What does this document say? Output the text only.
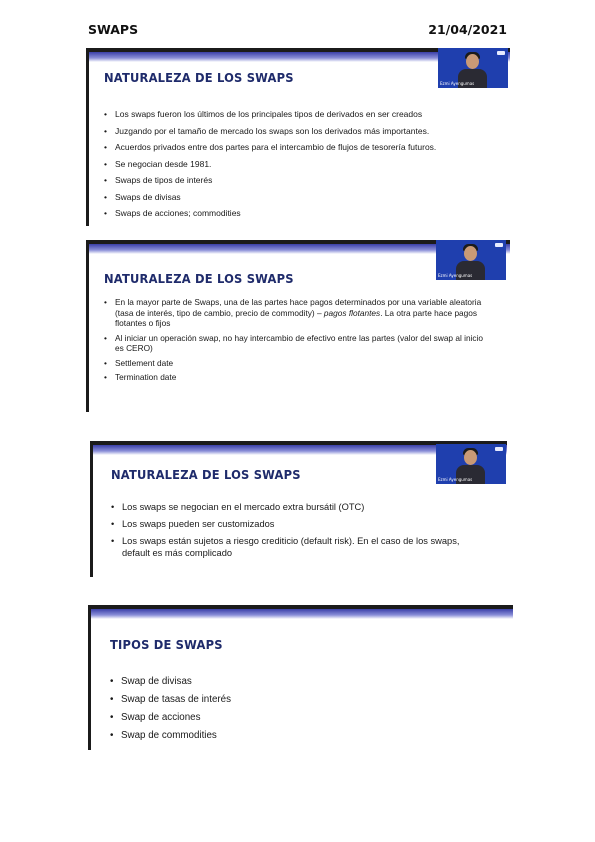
SWAPS	21/04/2021
NATURALEZA DE LOS SWAPS	Ezmi Ayengumas
• Los swaps fueron los últimos de los principales tipos de derivados en ser creados
• Juzgando por el tamaño de mercado los swaps son los derivados más importantes.
• Acuerdos privados entre dos partes para el intercambio de flujos de tesorería futuros.
• Se negocian desde 1981.
• Swaps de tipos de interés
• Swaps de divisas
• Swaps de acciones; commodities
NATURALEZA DE LOS SWAPS	Ezmi Ayengumas
• En la mayor parte de Swaps, una de las partes hace pagos determinados por una variable aleatoria (tasa de interés, tipo de cambio, precio de commodity) – pagos flotantes. La otra parte hace pagos flotantes o fijos
• Al iniciar un operación swap, no hay intercambio de efectivo entre las partes (valor del swap al inicio es CERO)
• Settlement date
• Termination date
NATURALEZA DE LOS SWAPS	Ezmi Ayengumas
• Los swaps se negocian en el mercado extra bursátil (OTC)
• Los swaps pueden ser customizados
• Los swaps están sujetos a riesgo crediticio (default risk). En el caso de los swaps, default es más complicado
TIPOS DE SWAPS
• Swap de divisas
• Swap de tasas de interés
• Swap de acciones
• Swap de commodities
